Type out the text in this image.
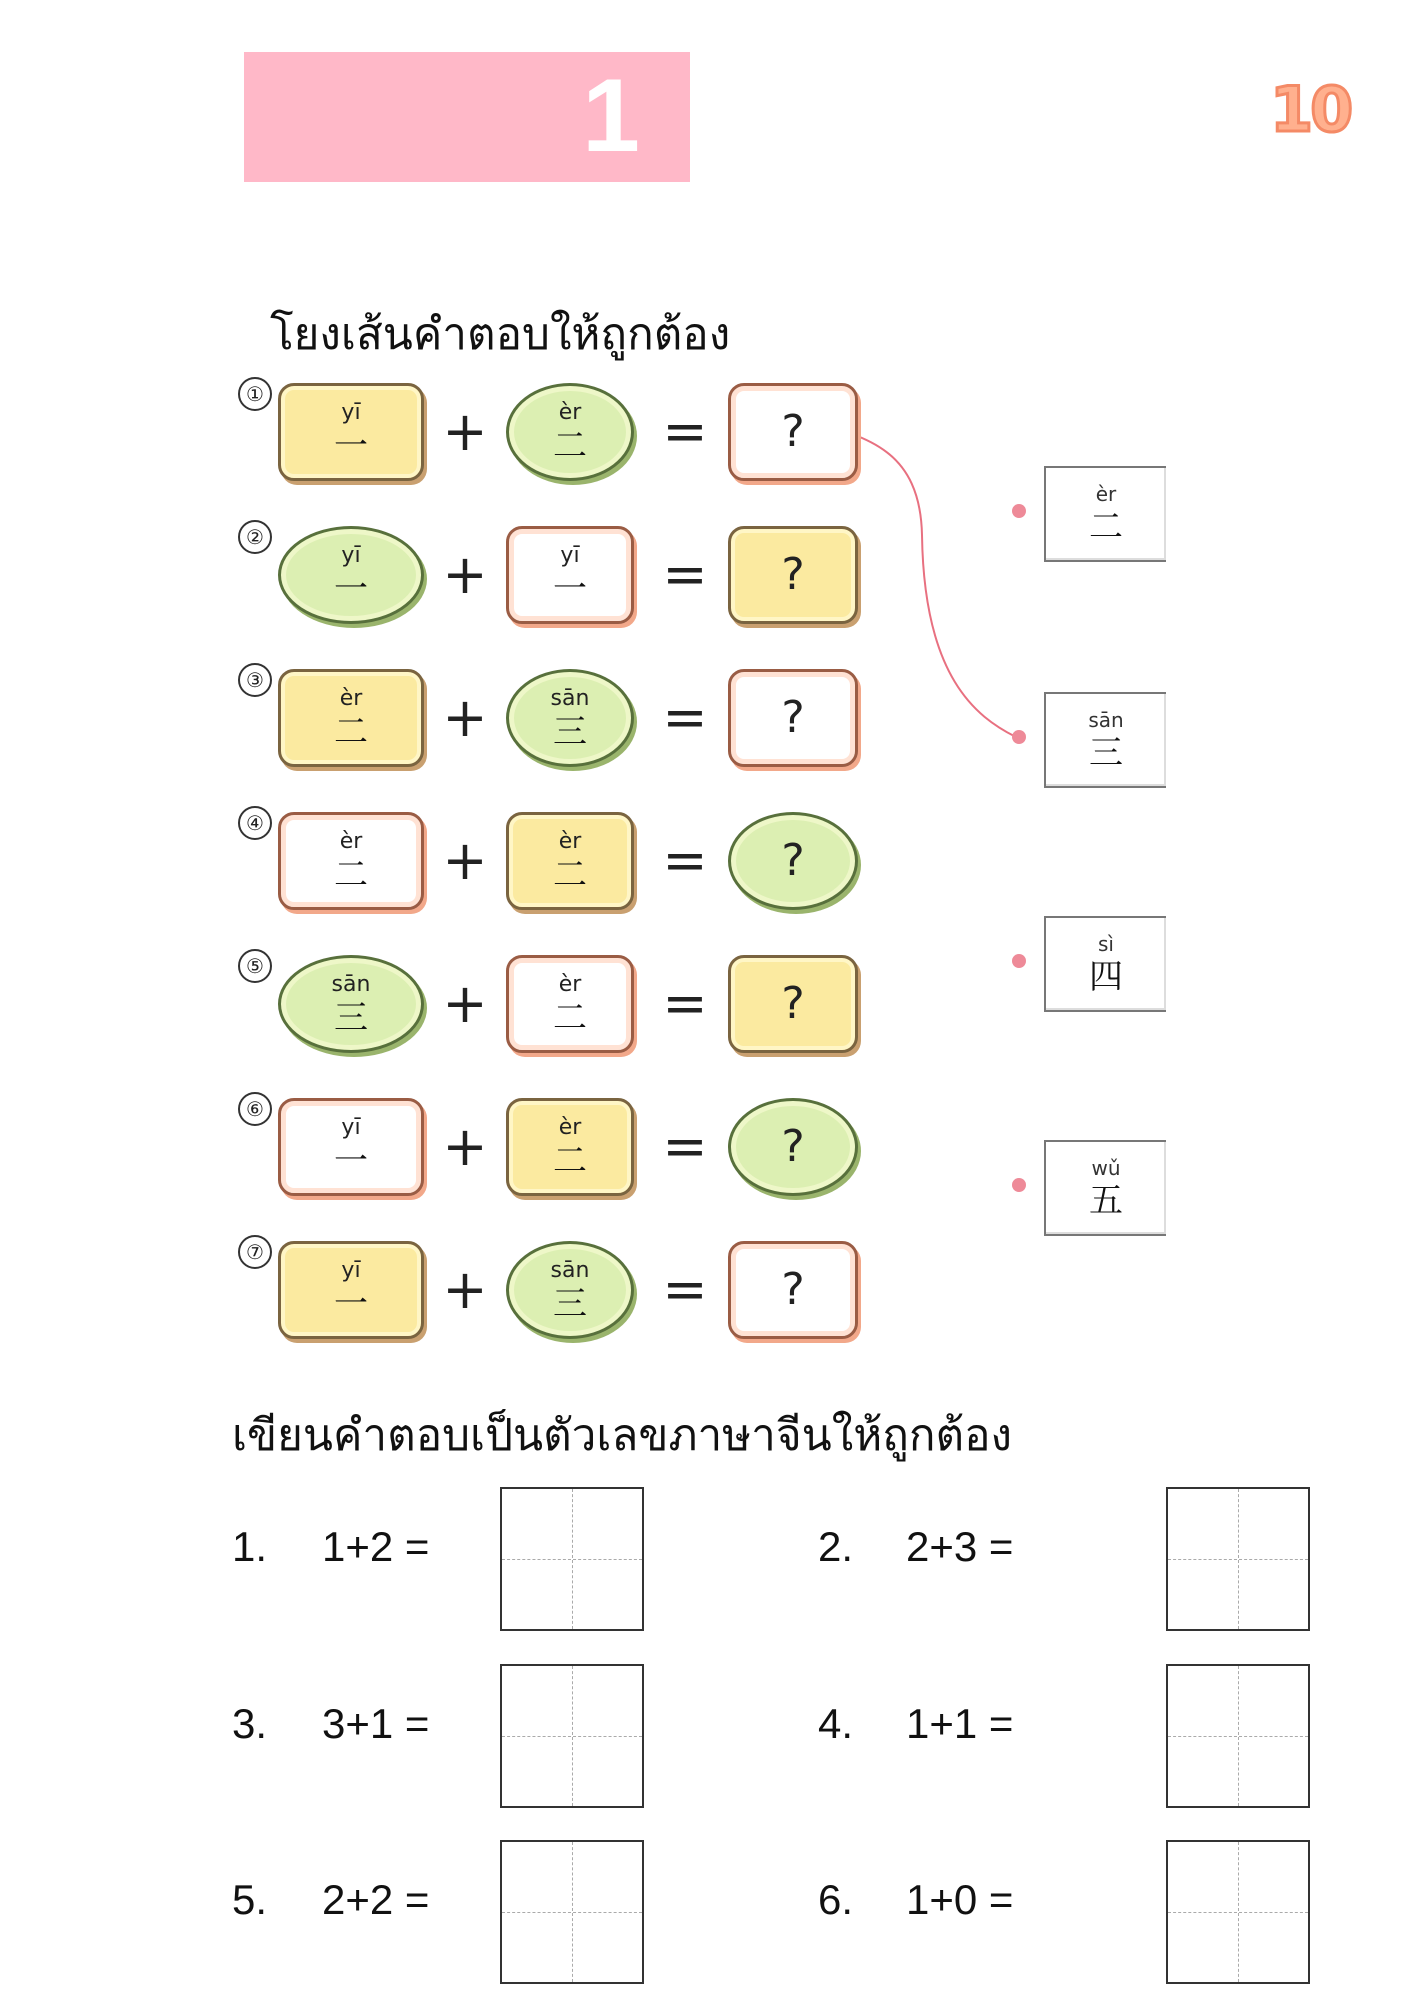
1	10
โยงเส้นคำตอบให้ถูกต้อง
①
yī
一
èr
二	?
+	=
②
yī
一
yī
一	?
+	=
③
èr
二
sān
三	?
+	=
④
èr
二
èr
二	?
+	=
⑤
sān
三
èr
二	?
+	=
⑥
yī
一
èr
二	?
+	=
⑦
yī
一
sān
三	?
+	=
èr
二
sān
三
sì
四
wǔ
五
เขียนคำตอบเป็นตัวเลขภาษาจีนให้ถูกต้อง
1.	1+2 =	2.	2+3 =
3.	3+1 =	4.	1+1 =
5.	2+2 =	6.	1+0 =
